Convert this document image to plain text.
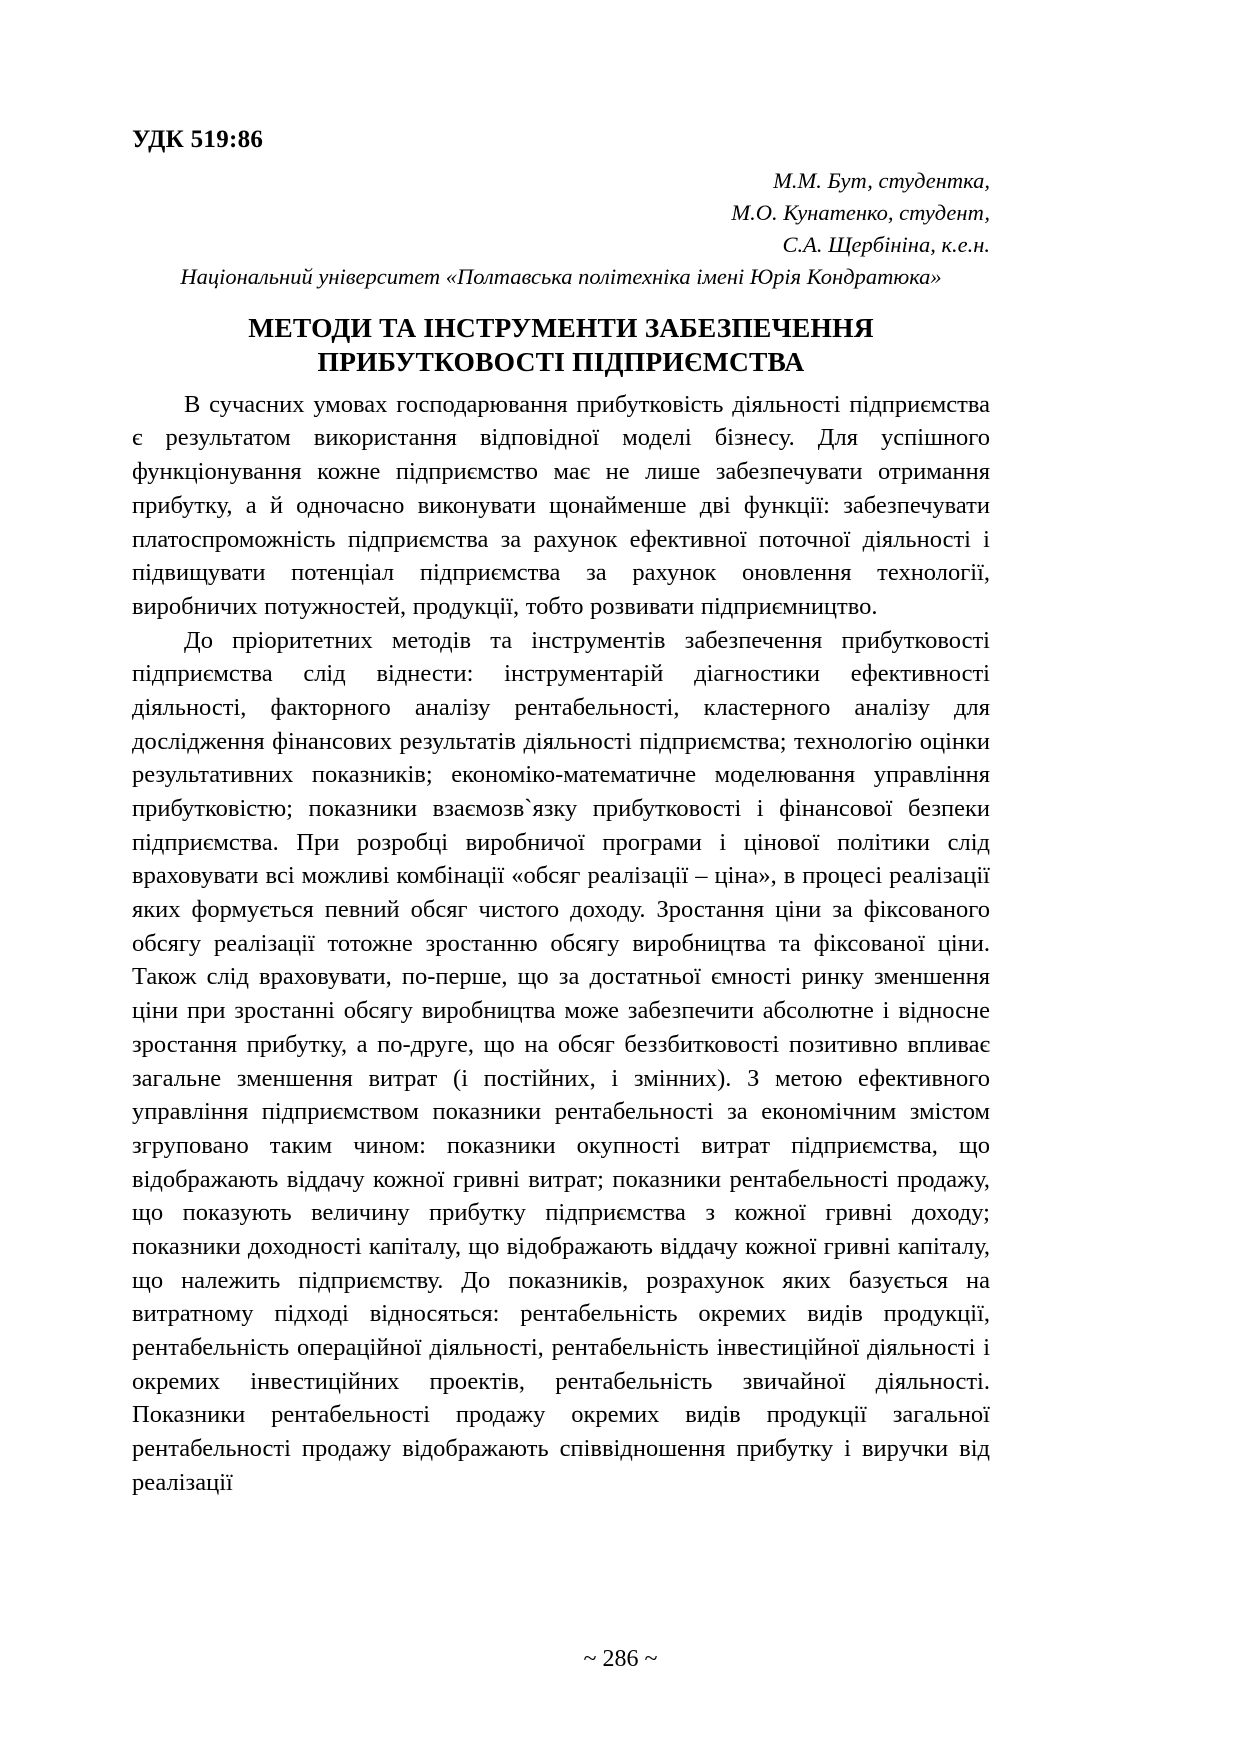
УДК 519:86
М.М. Бут, студентка,
М.О. Кунатенко, студент,
С.А. Щербініна, к.е.н.
Національний університет «Полтавська політехніка імені Юрія Кондратюка»
МЕТОДИ ТА ІНСТРУМЕНТИ ЗАБЕЗПЕЧЕННЯ
ПРИБУТКОВОСТІ ПІДПРИЄМСТВА

В сучасних умовах господарювання прибутковість діяльності підприємства є результатом використання відповідної моделі бізнесу. Для успішного функціонування кожне підприємство має не лише забезпечувати отримання прибутку, а й одночасно виконувати щонайменше дві функції: забезпечувати платоспроможність підприємства за рахунок ефективної поточної діяльності і підвищувати потенціал підприємства за рахунок оновлення технології, виробничих потужностей, продукції, тобто розвивати підприємництво.

До пріоритетних методів та інструментів забезпечення прибутковості підприємства слід віднести: інструментарій діагностики ефективності діяльності, факторного аналізу рентабельності, кластерного аналізу для дослідження фінансових результатів діяльності підприємства; технологію оцінки результативних показників; економіко-математичне моделювання управління прибутковістю; показники взаємозв`язку прибутковості і фінансової безпеки підприємства. При розробці виробничої програми і цінової політики слід враховувати всі можливі комбінації «обсяг реалізації – ціна», в процесі реалізації яких формується певний обсяг чистого доходу. Зростання ціни за фіксованого обсягу реалізації тотожне зростанню обсягу виробництва та фіксованої ціни. Також слід враховувати, по-перше, що за достатньої ємності ринку зменшення ціни при зростанні обсягу виробництва може забезпечити абсолютне і відносне зростання прибутку, а по-друге, що на обсяг беззбитковості позитивно впливає загальне зменшення витрат (і постійних, і змінних). З метою ефективного управління підприємством показники рентабельності за економічним змістом згруповано таким чином: показники окупності витрат підприємства, що відображають віддачу кожної гривні витрат; показники рентабельності продажу, що показують величину прибутку підприємства з кожної гривні доходу; показники доходності капіталу, що відображають віддачу кожної гривні капіталу, що належить підприємству. До показників, розрахунок яких базується на витратному підході відносяться: рентабельність окремих видів продукції, рентабельність операційної діяльності, рентабельність інвестиційної діяльності і окремих інвестиційних проектів, рентабельність звичайної діяльності. Показники рентабельності продажу окремих видів продукції загальної рентабельності продажу відображають співвідношення прибутку і виручки від реалізації

~ 286 ~
